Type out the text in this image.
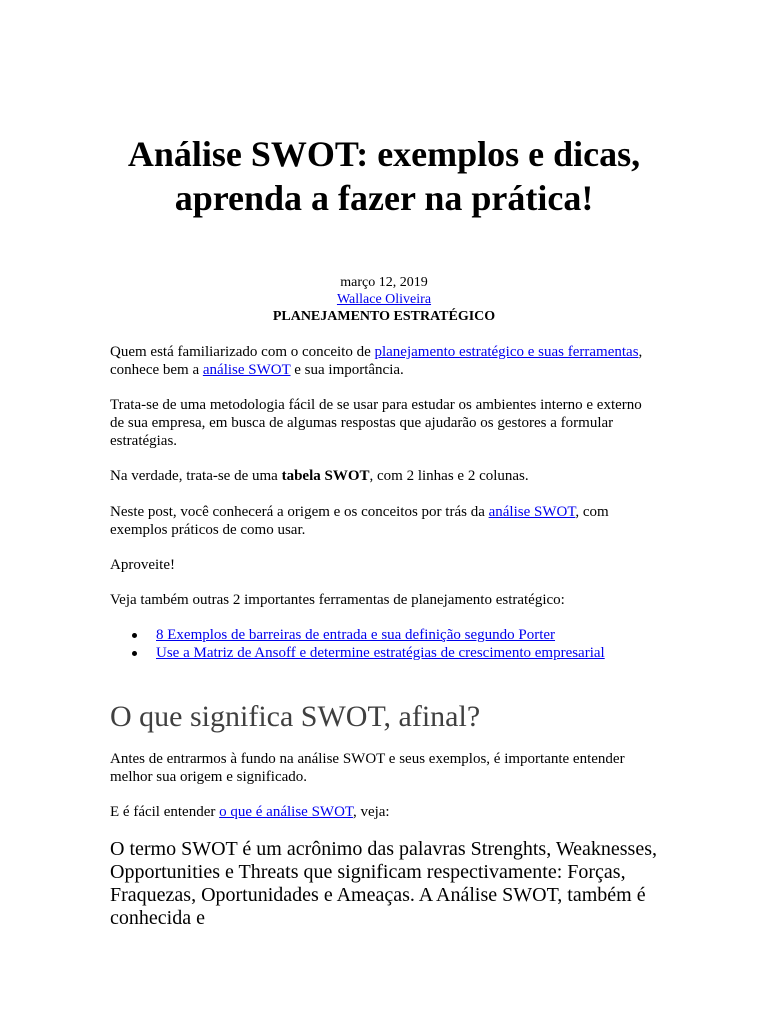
Análise SWOT: exemplos e dicas, aprenda a fazer na prática!
março 12, 2019
Wallace Oliveira
PLANEJAMENTO ESTRATÉGICO

Quem está familiarizado com o conceito de planejamento estratégico e suas ferramentas, conhece bem a análise SWOT e sua importância.

Trata-se de uma metodologia fácil de se usar para estudar os ambientes interno e externo de sua empresa, em busca de algumas respostas que ajudarão os gestores a formular estratégias.

Na verdade, trata-se de uma tabela SWOT, com 2 linhas e 2 colunas.

Neste post, você conhecerá a origem e os conceitos por trás da análise SWOT, com exemplos práticos de como usar.

Aproveite!

Veja também outras 2 importantes ferramentas de planejamento estratégico:

8 Exemplos de barreiras de entrada e sua definição segundo Porter
Use a Matriz de Ansoff e determine estratégias de crescimento empresarial
O que significa SWOT, afinal?

Antes de entrarmos à fundo na análise SWOT e seus exemplos, é importante entender melhor sua origem e significado.

E é fácil entender o que é análise SWOT, veja:

O termo SWOT é um acrônimo das palavras Strenghts, Weaknesses, Opportunities e Threats que significam respectivamente: Forças, Fraquezas, Oportunidades e Ameaças. A Análise SWOT, também é conhecida e
